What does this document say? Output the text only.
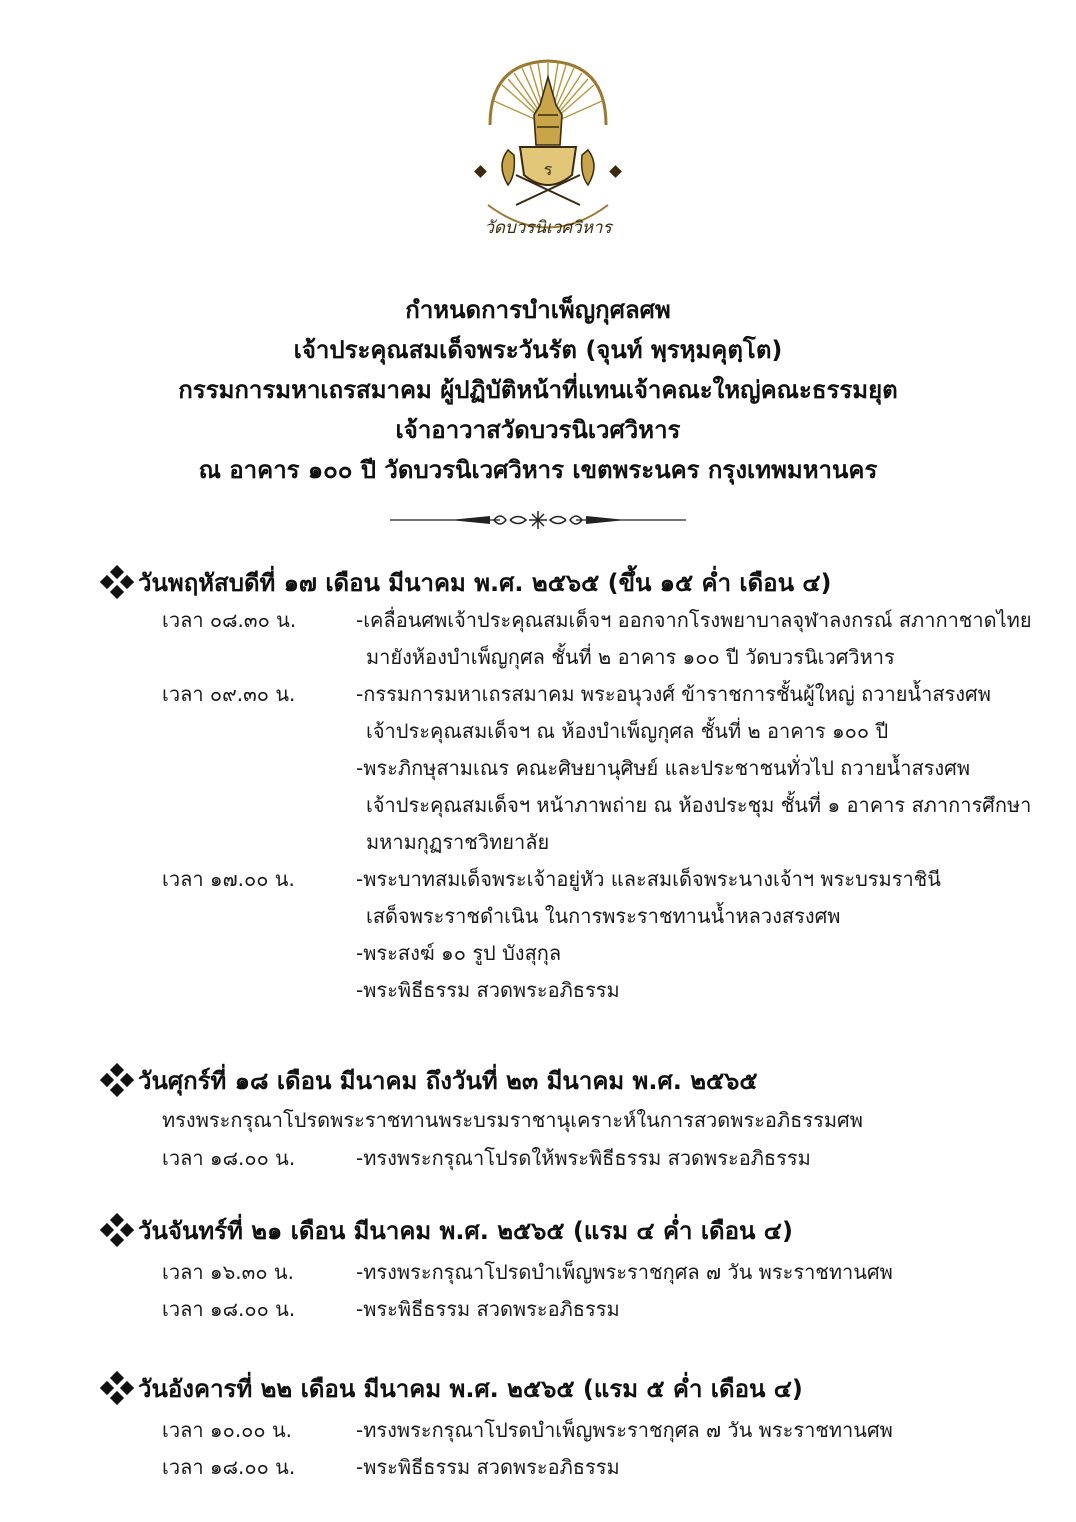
ร
วัดบวรนิเวศวิหาร
กำหนดการบำเพ็ญกุศลศพ
เจ้าประคุณสมเด็จพระวันรัต (จุนท์ พฺรหฺมคุตฺโต)
กรรมการมหาเถรสมาคม ผู้ปฏิบัติหน้าที่แทนเจ้าคณะใหญ่คณะธรรมยุต
เจ้าอาวาสวัดบวรนิเวศวิหาร
ณ อาคาร ๑๐๐ ปี วัดบวรนิเวศวิหาร เขตพระนคร กรุงเทพมหานคร
วันพฤหัสบดีที่ ๑๗ เดือน มีนาคม พ.ศ. ๒๕๖๕ (ขึ้น ๑๕ ค่ำ เดือน ๔)
เวลา ๐๘.๓๐ น.	-เคลื่อนศพเจ้าประคุณสมเด็จฯ ออกจากโรงพยาบาลจุฬาลงกรณ์ สภากาชาดไทย
มายังห้องบำเพ็ญกุศล ชั้นที่ ๒ อาคาร ๑๐๐ ปี วัดบวรนิเวศวิหาร
เวลา ๐๙.๓๐ น.	-กรรมการมหาเถรสมาคม พระอนุวงศ์ ข้าราชการชั้นผู้ใหญ่ ถวายน้ำสรงศพ
เจ้าประคุณสมเด็จฯ ณ ห้องบำเพ็ญกุศล ชั้นที่ ๒ อาคาร ๑๐๐ ปี
-พระภิกษุสามเณร คณะศิษยานุศิษย์ และประชาชนทั่วไป ถวายน้ำสรงศพ
เจ้าประคุณสมเด็จฯ หน้าภาพถ่าย ณ ห้องประชุม ชั้นที่ ๑ อาคาร สภาการศึกษา
มหามกุฏราชวิทยาลัย
เวลา ๑๗.๐๐ น.	-พระบาทสมเด็จพระเจ้าอยู่หัว และสมเด็จพระนางเจ้าฯ พระบรมราชินี
เสด็จพระราชดำเนิน ในการพระราชทานน้ำหลวงสรงศพ
-พระสงฆ์ ๑๐ รูป บังสุกุล
-พระพิธีธรรม สวดพระอภิธรรม
วันศุกร์ที่ ๑๘ เดือน มีนาคม ถึงวันที่ ๒๓ มีนาคม พ.ศ. ๒๕๖๕
ทรงพระกรุณาโปรดพระราชทานพระบรมราชานุเคราะห์ในการสวดพระอภิธรรมศพ
เวลา ๑๘.๐๐ น.	-ทรงพระกรุณาโปรดให้พระพิธีธรรม สวดพระอภิธรรม
วันจันทร์ที่ ๒๑ เดือน มีนาคม พ.ศ. ๒๕๖๕ (แรม ๔ ค่ำ เดือน ๔)
เวลา ๑๖.๓๐ น.	-ทรงพระกรุณาโปรดบำเพ็ญพระราชกุศล ๗ วัน พระราชทานศพ
เวลา ๑๘.๐๐ น.	-พระพิธีธรรม สวดพระอภิธรรม
วันอังคารที่ ๒๒ เดือน มีนาคม พ.ศ. ๒๕๖๕ (แรม ๕ ค่ำ เดือน ๔)
เวลา ๑๐.๐๐ น.	-ทรงพระกรุณาโปรดบำเพ็ญพระราชกุศล ๗ วัน พระราชทานศพ
เวลา ๑๘.๐๐ น.	-พระพิธีธรรม สวดพระอภิธรรม
